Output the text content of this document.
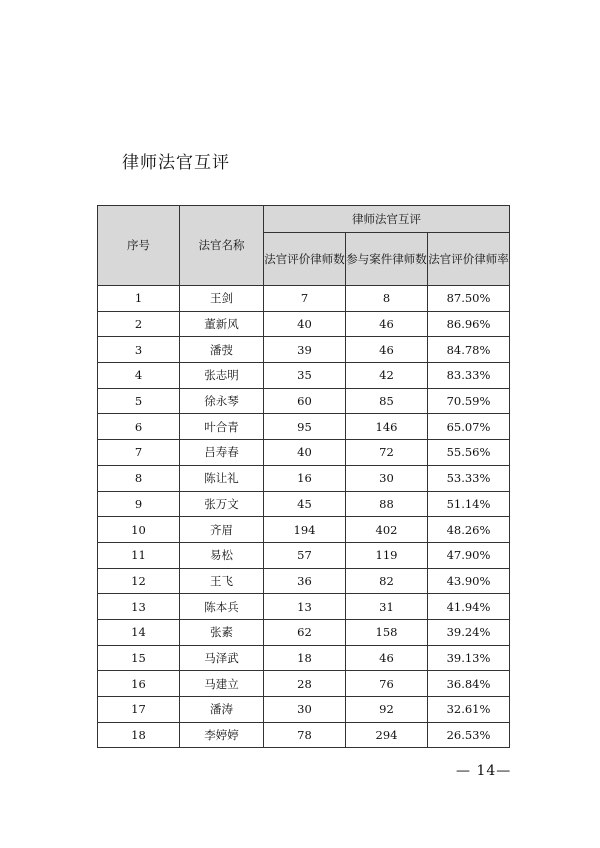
律师法官互评
序号	法官名称	律师法官互评		
		法官评价律师数	参与案件律师数	法官评价律师率
1	王剑	7	8	87.50%
2	董新风	40	46	86.96%
3	潘弢	39	46	84.78%
4	张志明	35	42	83.33%
5	徐永琴	60	85	70.59%
6	叶合青	95	146	65.07%
7	吕寿春	40	72	55.56%
8	陈让礼	16	30	53.33%
9	张万文	45	88	51.14%
10	齐眉	194	402	48.26%
11	易松	57	119	47.90%
12	王飞	36	82	43.90%
13	陈本兵	13	31	41.94%
14	张素	62	158	39.24%
15	马泽武	18	46	39.13%
16	马建立	28	76	36.84%
17	潘涛	30	92	32.61%
18	李婷婷	78	294	26.53%
— 14—
